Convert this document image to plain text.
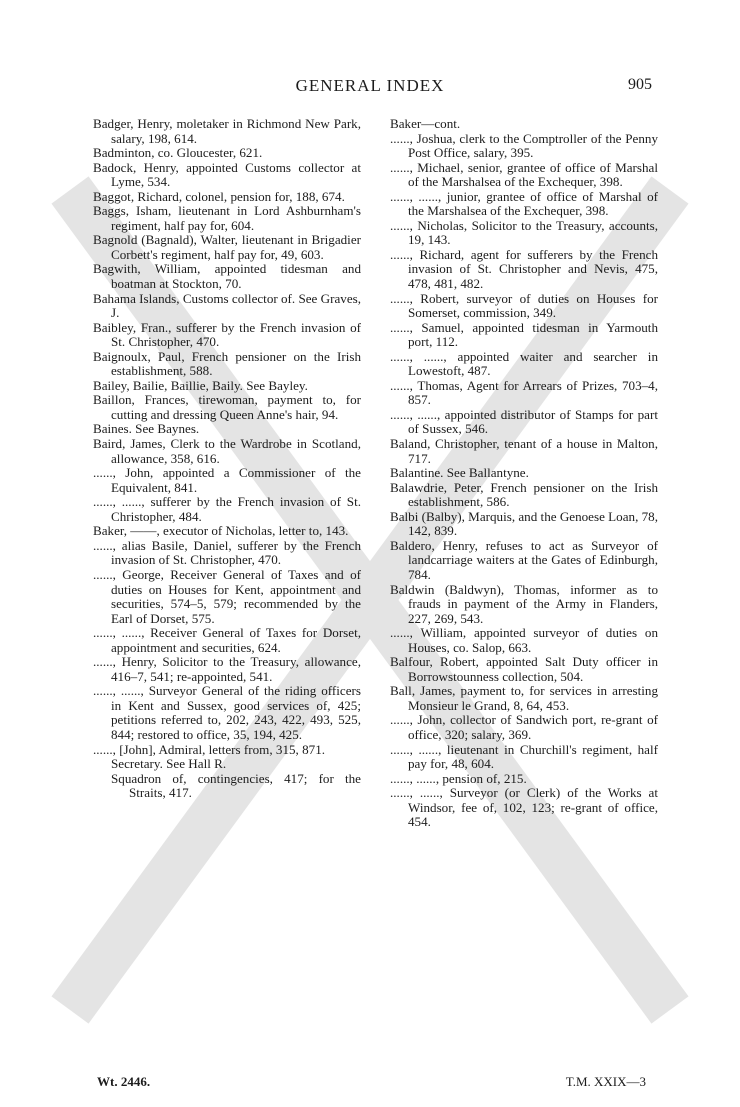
GENERAL INDEX	905
Badger, Henry, moletaker in Richmond New Park, salary, 198, 614.
Badminton, co. Gloucester, 621.
Badock, Henry, appointed Customs collector at Lyme, 534.
Baggot, Richard, colonel, pension for, 188, 674.
Baggs, Isham, lieutenant in Lord Ashburnham's regiment, half pay for, 604.
Bagnold (Bagnald), Walter, lieutenant in Brigadier Corbett's regiment, half pay for, 49, 603.
Bagwith, William, appointed tidesman and boatman at Stockton, 70.
Bahama Islands, Customs collector of. See Graves, J.
Baibley, Fran., sufferer by the French invasion of St. Christopher, 470.
Baignoulx, Paul, French pensioner on the Irish establishment, 588.
Bailey, Bailie, Baillie, Baily. See Bayley.
Baillon, Frances, tirewoman, payment to, for cutting and dressing Queen Anne's hair, 94.
Baines. See Baynes.
Baird, James, Clerk to the Wardrobe in Scotland, allowance, 358, 616.
......, John, appointed a Commissioner of the Equivalent, 841.
......, ......, sufferer by the French invasion of St. Christopher, 484.
Baker, ——, executor of Nicholas, letter to, 143.
......, alias Basile, Daniel, sufferer by the French invasion of St. Christopher, 470.
......, George, Receiver General of Taxes and of duties on Houses for Kent, appointment and securities, 574–5, 579; recommended by the Earl of Dorset, 575.
......, ......, Receiver General of Taxes for Dorset, appointment and securities, 624.
......, Henry, Solicitor to the Treasury, allowance, 416–7, 541; re-appointed, 541.
......, ......, Surveyor General of the riding officers in Kent and Sussex, good services of, 425; petitions referred to, 202, 243, 422, 493, 525, 844; restored to office, 35, 194, 425.
......, [John], Admiral, letters from, 315, 871.
Secretary. See Hall R.
Squadron of, contingencies, 417; for the Straits, 417.
Baker—cont.
......, Joshua, clerk to the Comptroller of the Penny Post Office, salary, 395.
......, Michael, senior, grantee of office of Marshal of the Marshalsea of the Exchequer, 398.
......, ......, junior, grantee of office of Marshal of the Marshalsea of the Exchequer, 398.
......, Nicholas, Solicitor to the Treasury, accounts, 19, 143.
......, Richard, agent for sufferers by the French invasion of St. Christopher and Nevis, 475, 478, 481, 482.
......, Robert, surveyor of duties on Houses for Somerset, commission, 349.
......, Samuel, appointed tidesman in Yarmouth port, 112.
......, ......, appointed waiter and searcher in Lowestoft, 487.
......, Thomas, Agent for Arrears of Prizes, 703–4, 857.
......, ......, appointed distributor of Stamps for part of Sussex, 546.
Baland, Christopher, tenant of a house in Malton, 717.
Balantine. See Ballantyne.
Balawdrie, Peter, French pensioner on the Irish establishment, 586.
Balbi (Balby), Marquis, and the Genoese Loan, 78, 142, 839.
Baldero, Henry, refuses to act as Surveyor of landcarriage waiters at the Gates of Edinburgh, 784.
Baldwin (Baldwyn), Thomas, informer as to frauds in payment of the Army in Flanders, 227, 269, 543.
......, William, appointed surveyor of duties on Houses, co. Salop, 663.
Balfour, Robert, appointed Salt Duty officer in Borrowstounness collection, 504.
Ball, James, payment to, for services in arresting Monsieur le Grand, 8, 64, 453.
......, John, collector of Sandwich port, re-grant of office, 320; salary, 369.
......, ......, lieutenant in Churchill's regiment, half pay for, 48, 604.
......, ......, pension of, 215.
......, ......, Surveyor (or Clerk) of the Works at Windsor, fee of, 102, 123; re-grant of office, 454.
Wt. 2446.	T.M. XXIX—3
